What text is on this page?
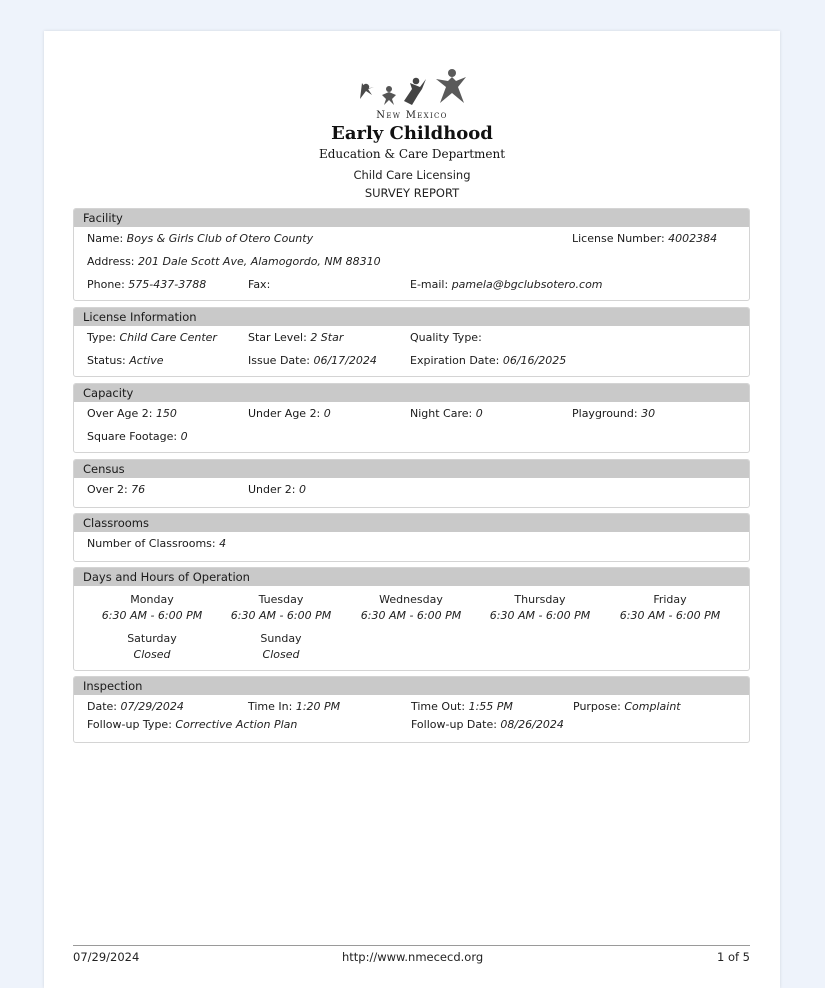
New Mexico
Early Childhood
Education & Care Department
Child Care Licensing
SURVEY REPORT
Facility
Name: Boys & Girls Club of Otero County	License Number: 4002384
Address: 201 Dale Scott Ave, Alamogordo, NM 88310
Phone: 575-437-3788	Fax:	E-mail: pamela@bgclubsotero.com
License Information
Type: Child Care Center	Star Level: 2 Star	Quality Type:
Status: Active	Issue Date: 06/17/2024	Expiration Date: 06/16/2025
Capacity
Over Age 2: 150	Under Age 2: 0	Night Care: 0	Playground: 30
Square Footage: 0
Census
Over 2: 76	Under 2: 0
Classrooms
Number of Classrooms: 4
Days and Hours of Operation
Monday
6:30 AM - 6:00 PM
Tuesday
6:30 AM - 6:00 PM
Wednesday
6:30 AM - 6:00 PM
Thursday
6:30 AM - 6:00 PM
Friday
6:30 AM - 6:00 PM
Saturday
Closed
Sunday
Closed
Inspection
Date: 07/29/2024	Time In: 1:20 PM	Time Out: 1:55 PM	Purpose: Complaint
Follow-up Type: Corrective Action Plan	Follow-up Date: 08/26/2024
07/29/2024	http://www.nmececd.org	1 of 5
